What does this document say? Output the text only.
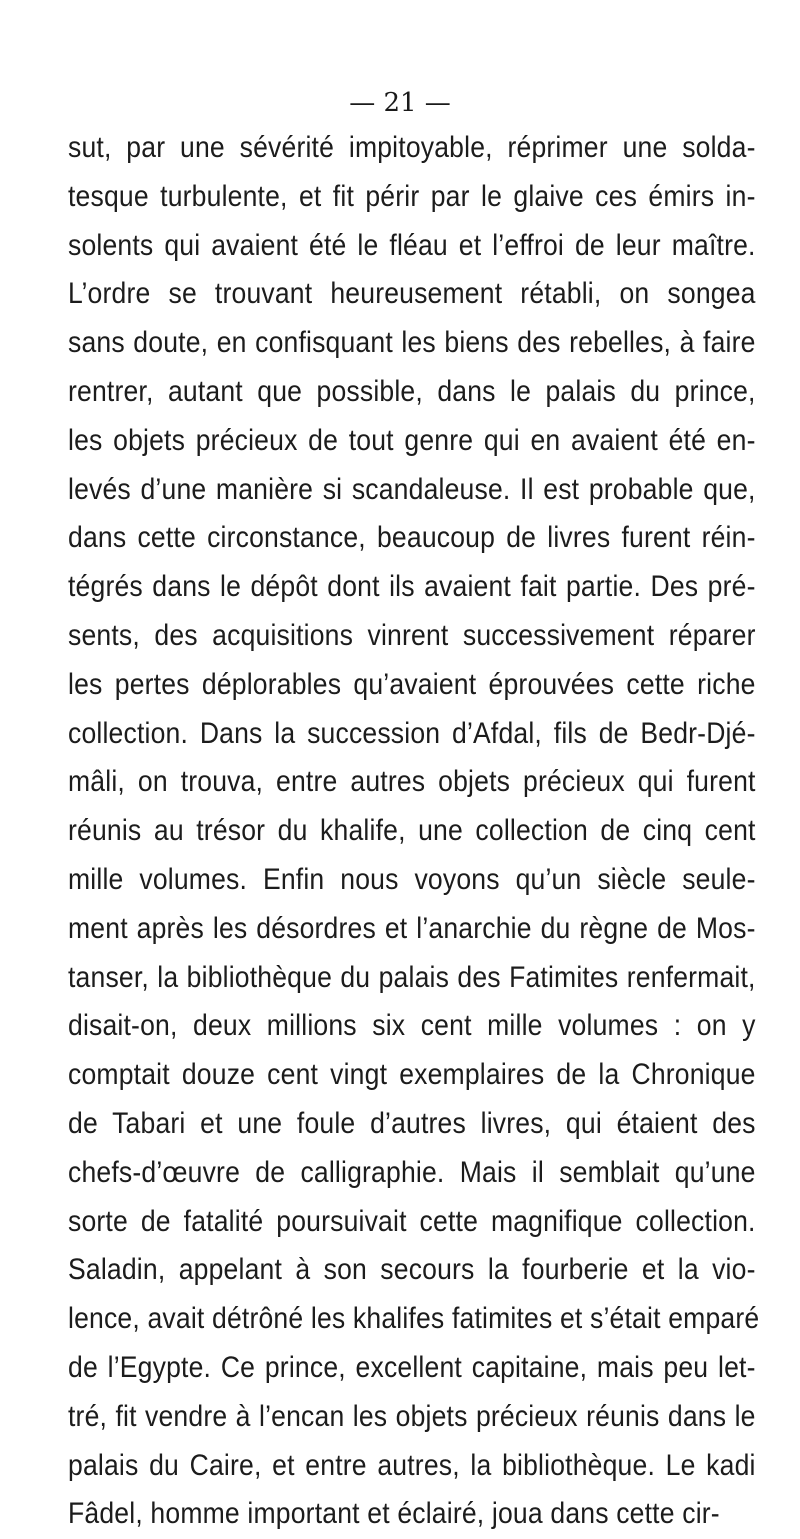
— 21 —
sut, par une sévérité impitoyable, réprimer une solda-
tesque turbulente, et fit périr par le glaive ces émirs in-
solents qui avaient été le fléau et l’effroi de leur maître.
L’ordre se trouvant heureusement rétabli, on songea
sans doute, en confisquant les biens des rebelles, à faire
rentrer, autant que possible, dans le palais du prince,
les objets précieux de tout genre qui en avaient été en-
levés d’une manière si scandaleuse. Il est probable que,
dans cette circonstance, beaucoup de livres furent réin-
tégrés dans le dépôt dont ils avaient fait partie. Des pré-
sents, des acquisitions vinrent successivement réparer
les pertes déplorables qu’avaient éprouvées cette riche
collection. Dans la succession d’Afdal, fils de Bedr-Djé-
mâli, on trouva, entre autres objets précieux qui furent
réunis au trésor du khalife, une collection de cinq cent
mille volumes. Enfin nous voyons qu’un siècle seule-
ment après les désordres et l’anarchie du règne de Mos-
tanser, la bibliothèque du palais des Fatimites renfermait,
disait-on, deux millions six cent mille volumes : on y
comptait douze cent vingt exemplaires de la Chronique
de Tabari et une foule d’autres livres, qui étaient des
chefs-d’œuvre de calligraphie. Mais il semblait qu’une
sorte de fatalité poursuivait cette magnifique collection.
Saladin, appelant à son secours la fourberie et la vio-
lence, avait détrôné les khalifes fatimites et s’était emparé
de l’Egypte. Ce prince, excellent capitaine, mais peu let-
tré, fit vendre à l’encan les objets précieux réunis dans le
palais du Caire, et entre autres, la bibliothèque. Le kadi
Fâdel, homme important et éclairé, joua dans cette cir-
